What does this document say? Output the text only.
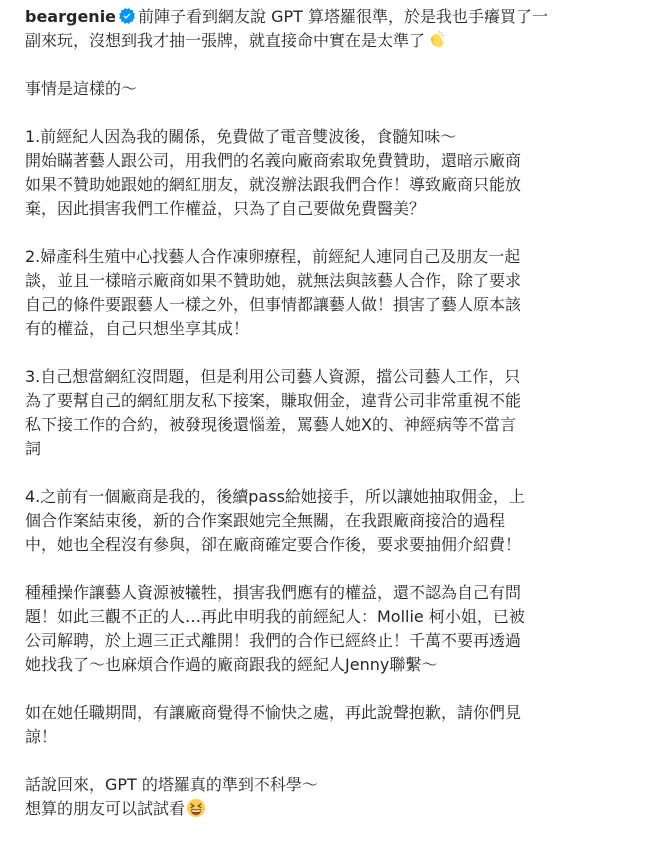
beargenie 前陣子看到網友說 GPT 算塔羅很準，於是我也手癢買了一
副來玩，沒想到我才抽一張牌，就直接命中實在是太準了
事情是這樣的～
1.前經紀人因為我的關係，免費做了電音雙波後，食髓知味～
開始瞞著藝人跟公司，用我們的名義向廠商索取免費贊助，還暗示廠商
如果不贊助她跟她的網紅朋友，就沒辦法跟我們合作！導致廠商只能放
棄，因此損害我們工作權益，只為了自己要做免費醫美？
2.婦產科生殖中心找藝人合作凍卵療程，前經紀人連同自己及朋友一起
談，並且一樣暗示廠商如果不贊助她，就無法與該藝人合作，除了要求
自己的條件要跟藝人一樣之外，但事情都讓藝人做！損害了藝人原本該
有的權益，自己只想坐享其成！
3.自己想當網紅沒問題，但是利用公司藝人資源，擋公司藝人工作，只
為了要幫自己的網紅朋友私下接案，賺取佣金，違背公司非常重視不能
私下接工作的合約，被發現後還惱羞，罵藝人她X的、神經病等不當言
詞
4.之前有一個廠商是我的，後續pass給她接手，所以讓她抽取佣金，上
個合作案結束後，新的合作案跟她完全無關，在我跟廠商接洽的過程
中，她也全程沒有參與，卻在廠商確定要合作後，要求要抽佣介紹費！
種種操作讓藝人資源被犧牲，損害我們應有的權益，還不認為自己有問
題！如此三觀不正的人…再此申明我的前經紀人：Mollie 柯小姐，已被
公司解聘，於上週三正式離開！我們的合作已經終止！千萬不要再透過
她找我了～也麻煩合作過的廠商跟我的經紀人Jenny聯繫～
如在她任職期間，有讓廠商覺得不愉快之處，再此說聲抱歉，請你們見
諒！
話說回來，GPT 的塔羅真的準到不科學～
想算的朋友可以試試看
